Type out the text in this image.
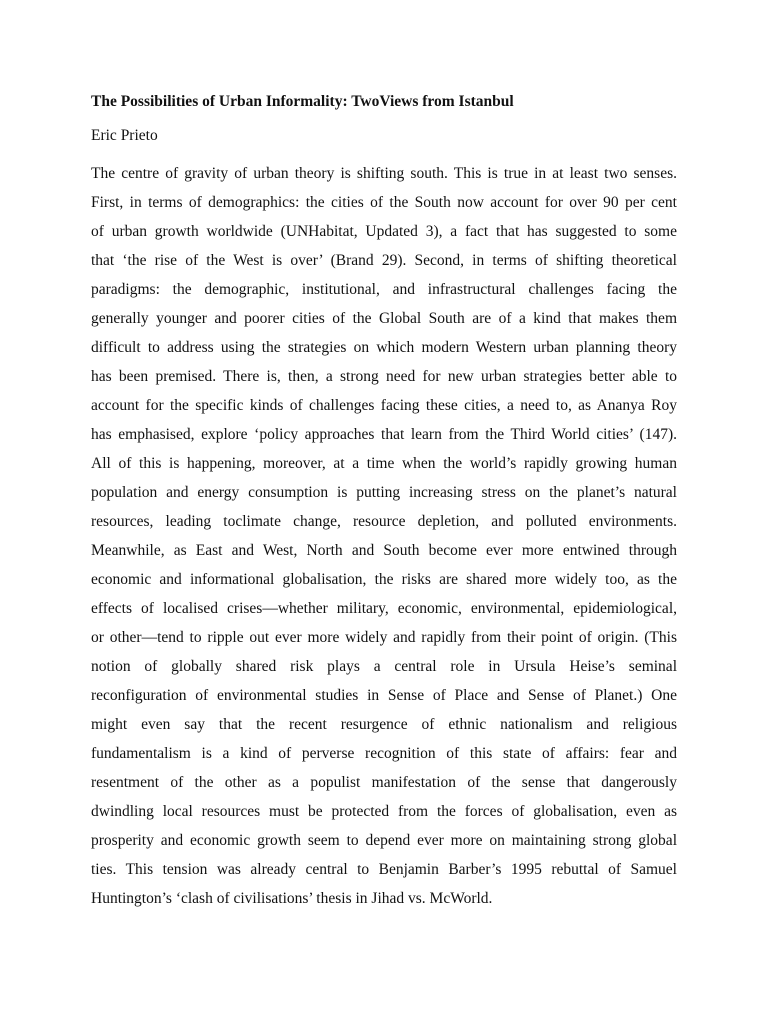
The Possibilities of Urban Informality: TwoViews from Istanbul
Eric Prieto
The centre of gravity of urban theory is shifting south. This is true in at least two senses.
First, in terms of demographics: the cities of the South now account for over 90 per cent
of urban growth worldwide (UNHabitat, Updated 3), a fact that has suggested to some
that ‘the rise of the West is over’ (Brand 29). Second, in terms of shifting theoretical
paradigms: the demographic, institutional, and infrastructural challenges facing the
generally younger and poorer cities of the Global South are of a kind that makes them
difficult to address using the strategies on which modern Western urban planning theory
has been premised. There is, then, a strong need for new urban strategies better able to
account for the specific kinds of challenges facing these cities, a need to, as Ananya Roy
has emphasised, explore ‘policy approaches that learn from the Third World cities’ (147).
All of this is happening, moreover, at a time when the world’s rapidly growing human
population and energy consumption is putting increasing stress on the planet’s natural
resources, leading toclimate change, resource depletion, and polluted environments.
Meanwhile, as East and West, North and South become ever more entwined through
economic and informational globalisation, the risks are shared more widely too, as the
effects of localised crises—whether military, economic, environmental, epidemiological,
or other—tend to ripple out ever more widely and rapidly from their point of origin. (This
notion of globally shared risk plays a central role in Ursula Heise’s seminal
reconfiguration of environmental studies in Sense of Place and Sense of Planet.) One
might even say that the recent resurgence of ethnic nationalism and religious
fundamentalism is a kind of perverse recognition of this state of affairs: fear and
resentment of the other as a populist manifestation of the sense that dangerously
dwindling local resources must be protected from the forces of globalisation, even as
prosperity and economic growth seem to depend ever more on maintaining strong global
ties. This tension was already central to Benjamin Barber’s 1995 rebuttal of Samuel
Huntington’s ‘clash of civilisations’ thesis in Jihad vs. McWorld.
